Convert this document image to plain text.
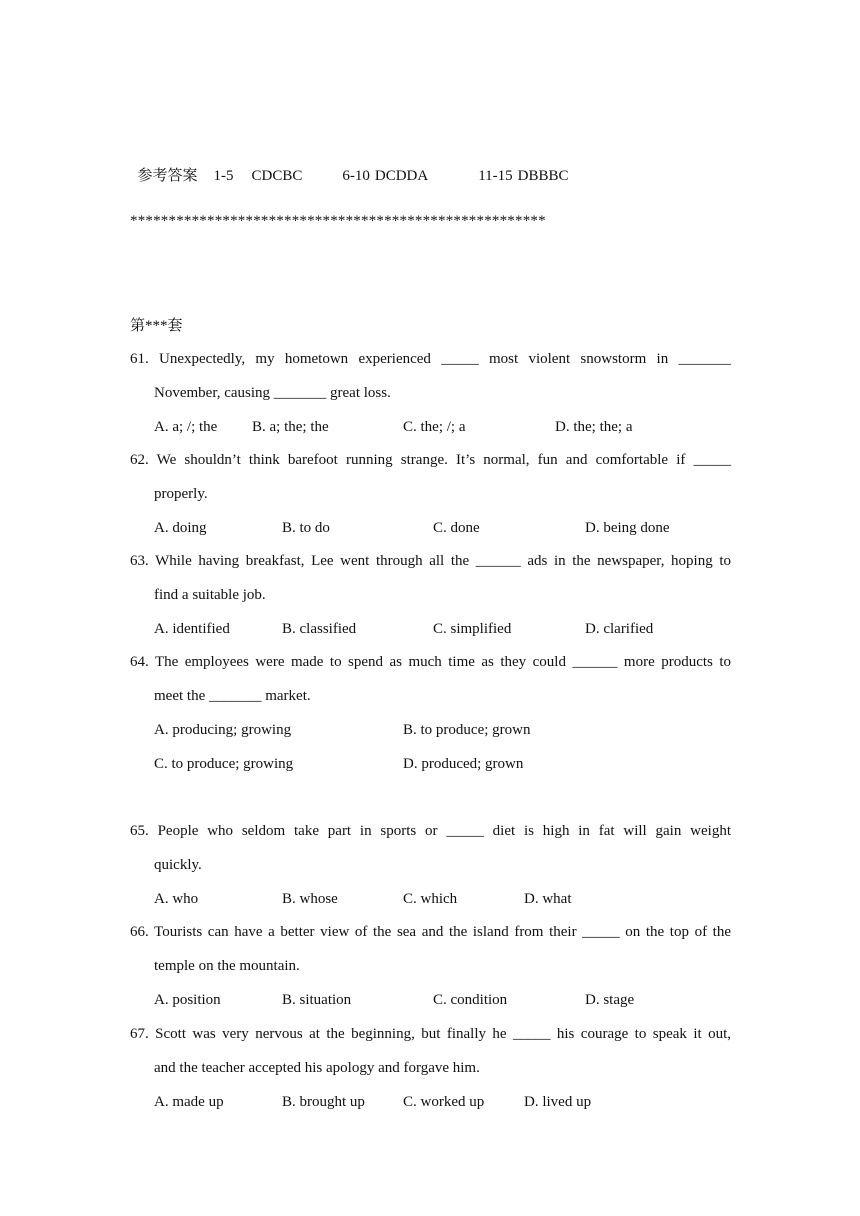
参考答案 1-5 CDCBC	6-10 DCDDA	11-15 DBBBC

******************************************************
第***套
61. Unexpectedly, my hometown experienced _____ most violent snowstorm in _______
November, causing _______ great loss.
A. a; /; the B. a; the; the	C. the; /; a	D. the; the; a
62. We shouldn’t think barefoot running strange. It’s normal, fun and comfortable if _____
properly.
A. doing	B. to do	C. done	D. being done
63. While having breakfast, Lee went through all the ______ ads in the newspaper, hoping to
find a suitable job.
A. identified	B. classified	C. simplified	D. clarified
64. The employees were made to spend as much time as they could ______ more products to
meet the _______ market.
A. producing; growing	B. to produce; grown
C. to produce; growing	D. produced; grown
65. People who seldom take part in sports or _____ diet is high in fat will gain weight
quickly.
A. who	B. whose	C. which	D. what
66. Tourists can have a better view of the sea and the island from their _____ on the top of the
temple on the mountain.
A. position	B. situation	C. condition	D. stage
67. Scott was very nervous at the beginning, but finally he _____ his courage to speak it out,
and the teacher accepted his apology and forgave him.
A. made up	B. brought up	C. worked up	D. lived up
